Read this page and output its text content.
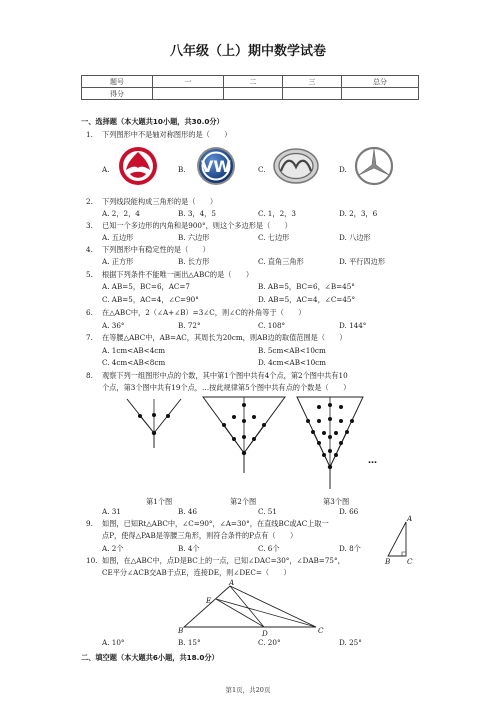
八年级（上）期中数学试卷
题号	一	二	三	总分
得分				
一、选择题（本大题共10小题，共30.0分）
1. 下列图形中不是轴对称图形的是（　　）
A.	B.	C.	D.
VW
2. 下列线段能构成三角形的是（　　）
A. 2，2，4	B. 3，4，5	C. 1，2，3	D. 2，3，6
3. 已知一个多边形的内角和是900°，则这个多边形是（　　）
A. 五边形	B. 六边形	C. 七边形	D. 八边形
4. 下列图形中有稳定性的是（　　）
A. 正方形	B. 长方形	C. 直角三角形	D. 平行四边形
5. 根据下列条件不能唯一画出△ABC的是（　　）
A. AB=5，BC=6，AC=7	B. AB=5，BC=6，∠B=45°
C. AB=5，AC=4，∠C=90°	D. AB=5，AC=4，∠C=45°
6. 在△ABC中，2（∠A+∠B）=3∠C，则∠C的补角等于（　　）
A. 36°	B. 72°	C. 108°	D. 144°
7. 在等腰△ABC中，AB=AC，其周长为20cm，则AB边的取值范围是（　　）
A. 1cm<AB<4cm	B. 5cm<AB<10cm
C. 4cm<AB<8cm	D. 4cm<AB<10cm
8. 观察下列一组图形中点的个数，其中第1个图中共有4个点，第2个图中共有10
个点，第3个图中共有19个点，…按此规律第5个图中共有点的个数是（　　）
第1个图	第2个图	第3个图
…
A. 31	B. 46	C. 51	D. 66
9. 如图，已知Rt△ABC中，∠C=90°，∠A=30°，在直线BC或AC上取一
点P，使得△PAB是等腰三角形，则符合条件的P点有（　　）
A. 2个	B. 4个	C. 6个	D. 8个
A
B C
10. 如图，在△ABC中，点D是BC上的一点，已知∠DAC=30°，∠DAB=75°，
CE平分∠ACB交AB于点E，连接DE，则∠DEC=（　　）
A
E
B	D	C
A. 10°	B. 15°	C. 20°	D. 25°
二、填空题（本大题共6小题，共18.0分）
第1页，共20页
